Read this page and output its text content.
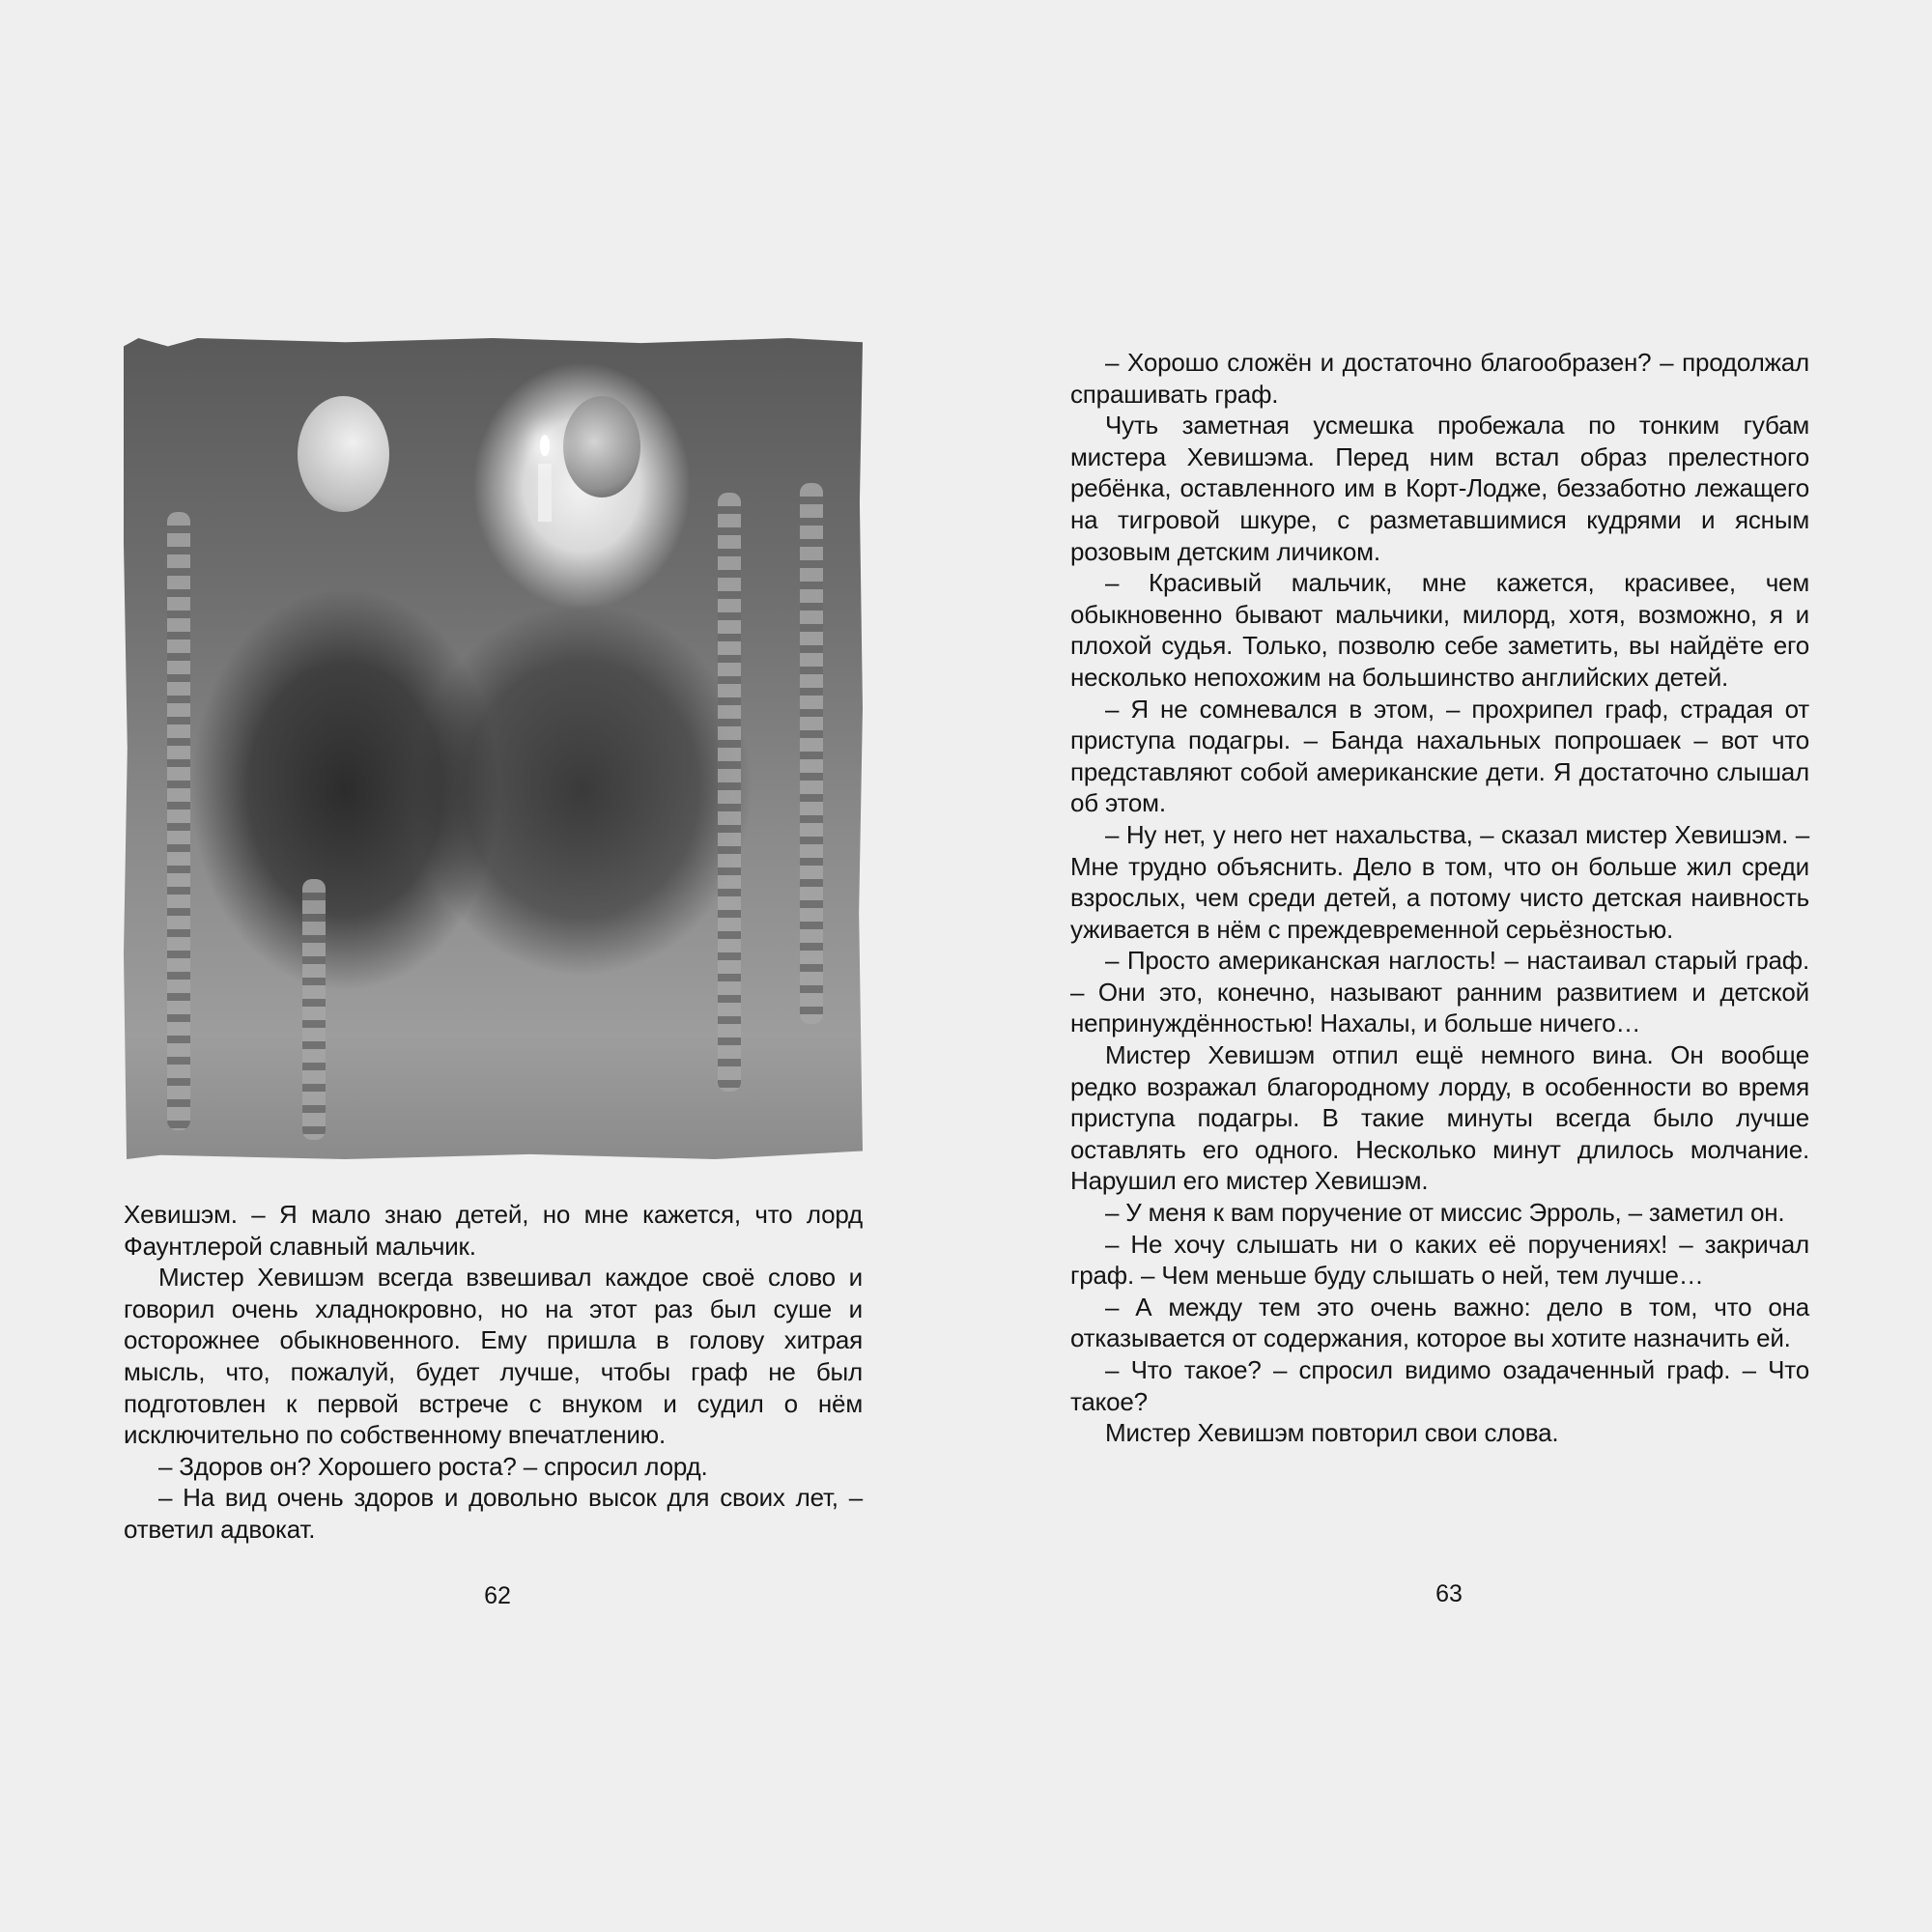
Хевишэм. – Я мало знаю детей, но мне кажется, что лорд Фаунтлерой славный мальчик.

Мистер Хевишэм всегда взвешивал каждое своё слово и говорил очень хладнокровно, но на этот раз был суше и осторожнее обыкновенного. Ему пришла в голову хитрая мысль, что, пожалуй, будет лучше, чтобы граф не был подготовлен к первой встрече с внуком и судил о нём исключительно по собственному впечатлению.

– Здоров он? Хорошего роста? – спросил лорд.

– На вид очень здоров и довольно высок для своих лет, – ответил адвокат.

62

– Хорошо сложён и достаточно благообразен? – продолжал спрашивать граф.

Чуть заметная усмешка пробежала по тонким губам мистера Хевишэма. Перед ним встал образ прелестного ребёнка, оставленного им в Корт-Лодже, беззаботно лежащего на тигровой шкуре, с разметавшимися кудрями и ясным розовым детским личиком.

– Красивый мальчик, мне кажется, красивее, чем обыкновенно бывают мальчики, милорд, хотя, возможно, я и плохой судья. Только, позволю себе заметить, вы найдёте его несколько непохожим на большинство английских детей.

– Я не сомневался в этом, – прохрипел граф, страдая от приступа подагры. – Банда нахальных попрошаек – вот что представляют собой американские дети. Я достаточно слышал об этом.

– Ну нет, у него нет нахальства, – сказал мистер Хевишэм. – Мне трудно объяснить. Дело в том, что он больше жил среди взрослых, чем среди детей, а потому чисто детская наивность уживается в нём с преждевременной серьёзностью.

– Просто американская наглость! – настаивал старый граф. – Они это, конечно, называют ранним развитием и детской непринуждённостью! Нахалы, и больше ничего…

Мистер Хевишэм отпил ещё немного вина. Он вообще редко возражал благородному лорду, в особенности во время приступа подагры. В такие минуты всегда было лучше оставлять его одного. Несколько минут длилось молчание. Нарушил его мистер Хевишэм.

– У меня к вам поручение от миссис Эрроль, – заметил он.

– Не хочу слышать ни о каких её поручениях! – закричал граф. – Чем меньше буду слышать о ней, тем лучше…

– А между тем это очень важно: дело в том, что она отказывается от содержания, которое вы хотите назначить ей.

– Что такое? – спросил видимо озадаченный граф. – Что такое?

Мистер Хевишэм повторил свои слова.

63
